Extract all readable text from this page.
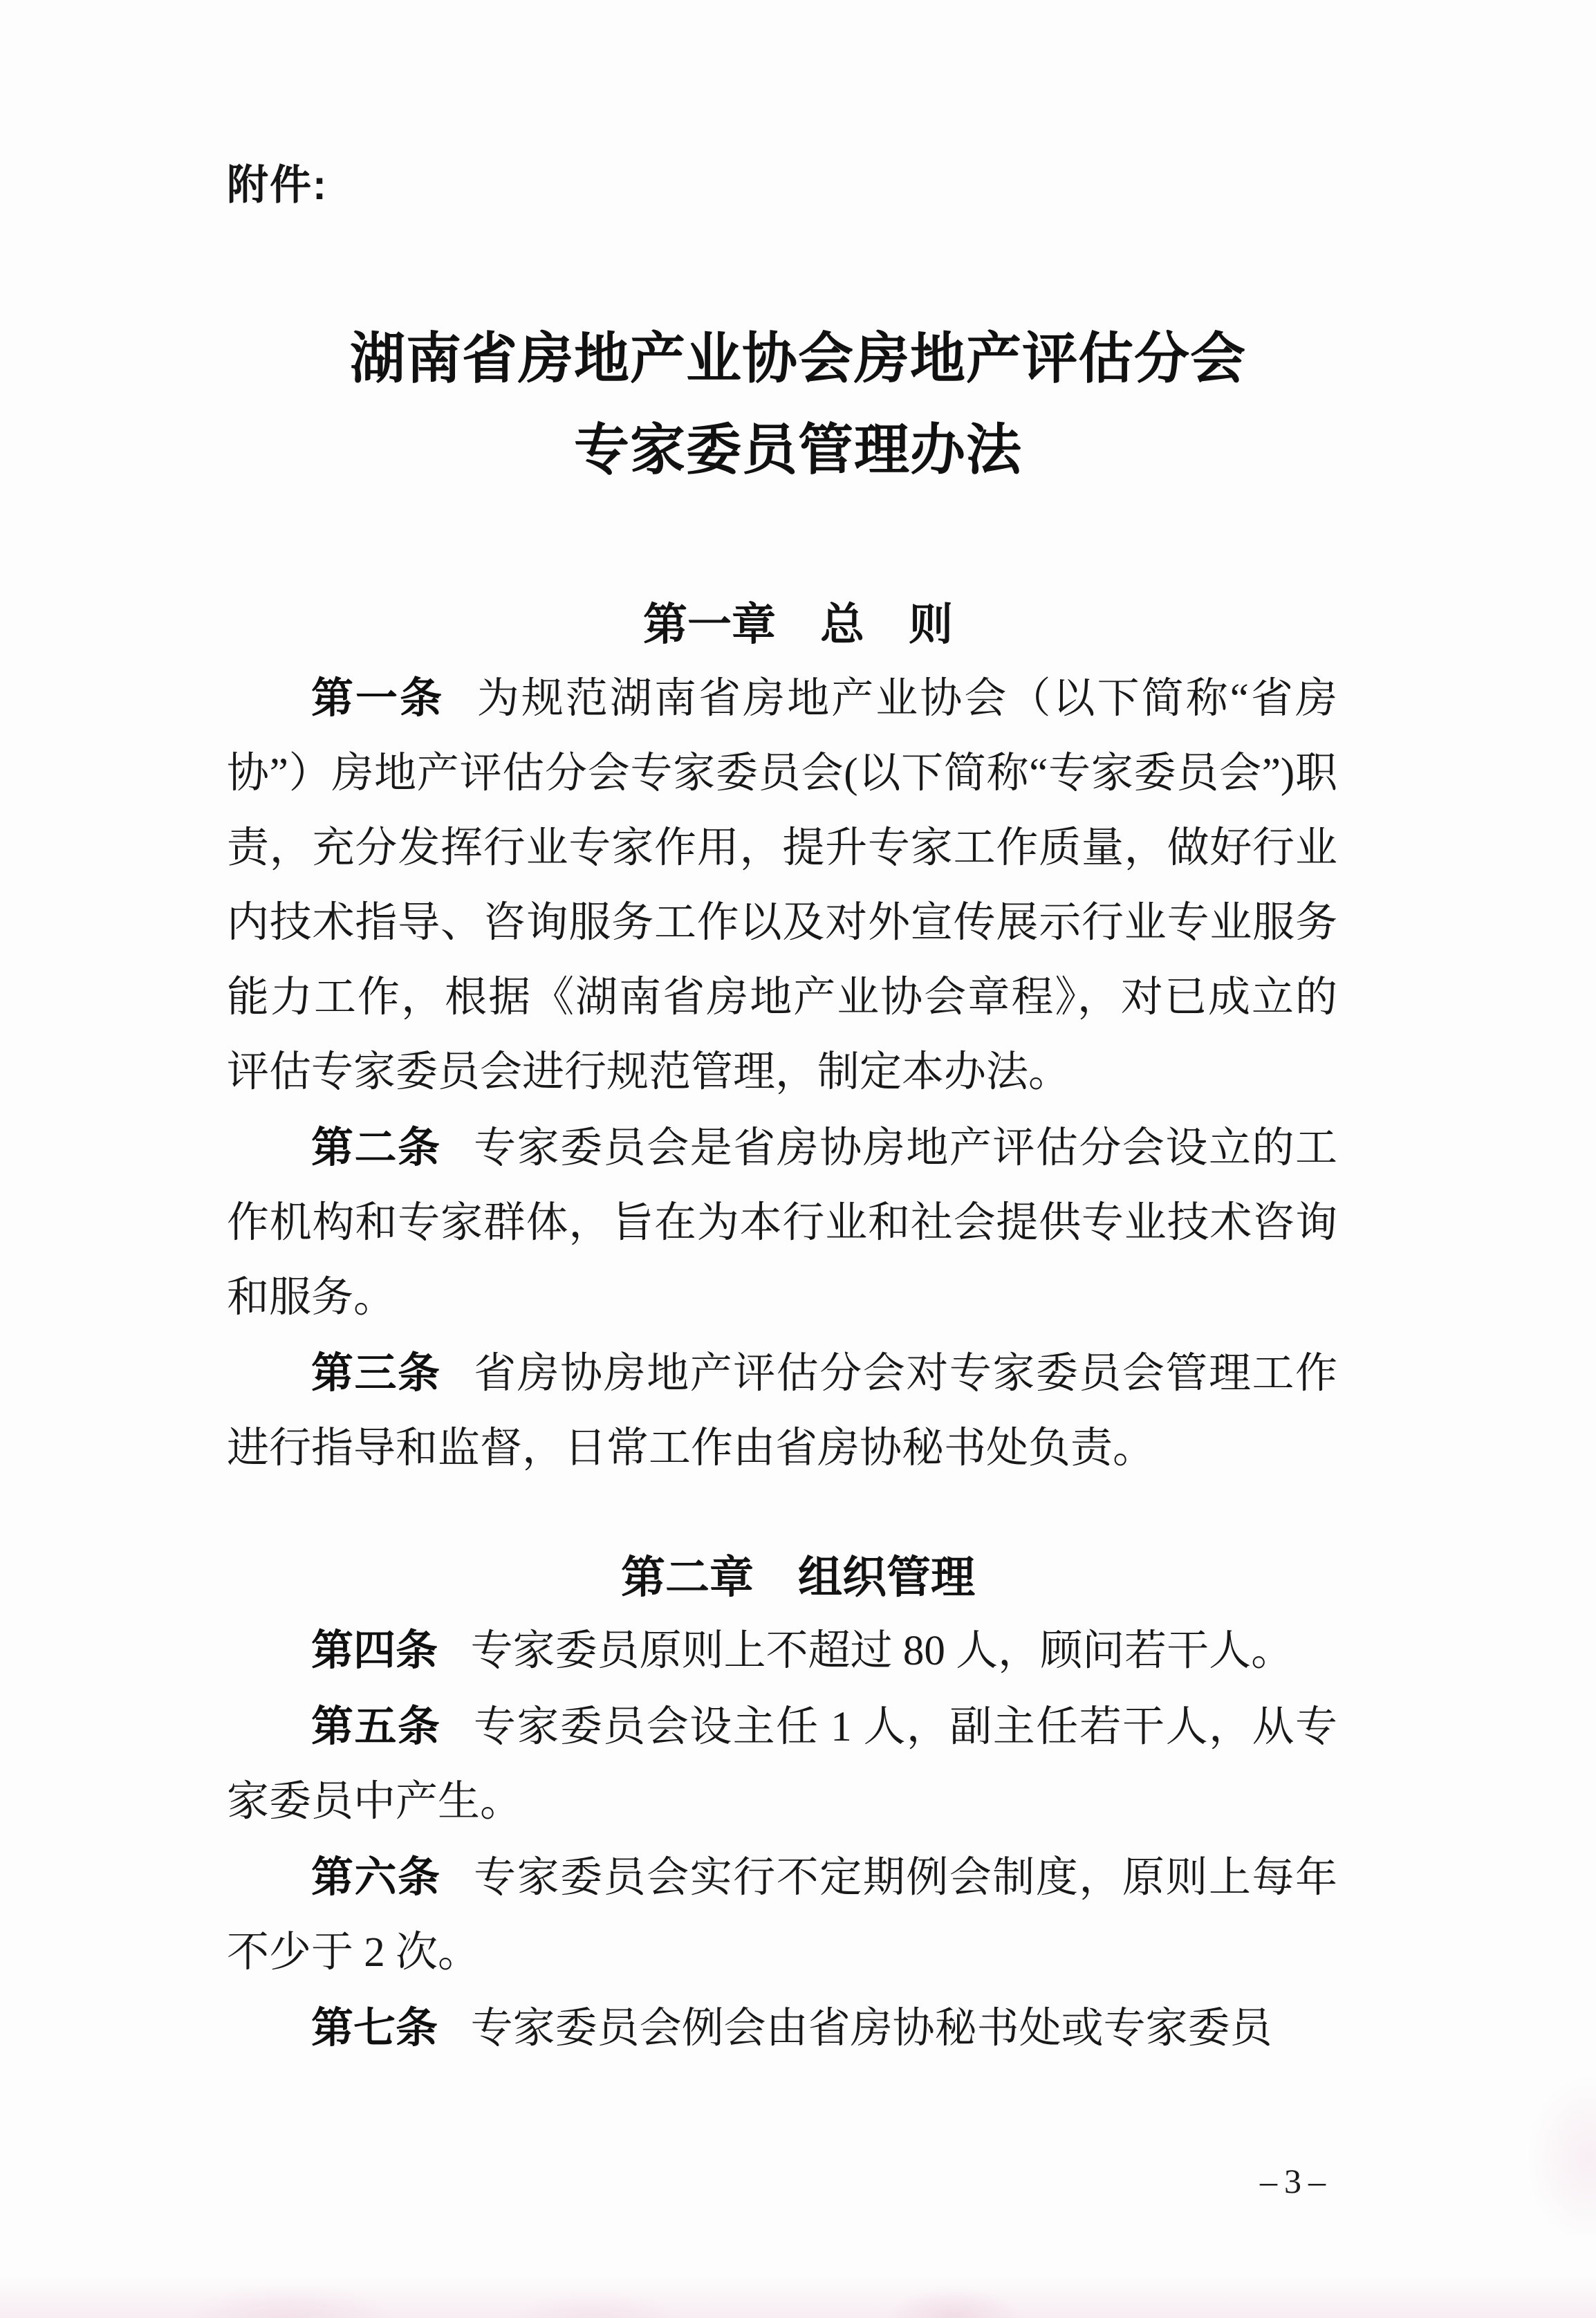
附件:
湖南省房地产业协会房地产评估分会
专家委员管理办法
第一章　总　则

第一条 为规范湖南省房地产业协会（以下简称“省房协”）房地产评估分会专家委员会(以下简称“专家委员会”)职责，充分发挥行业专家作用，提升专家工作质量，做好行业内技术指导、咨询服务工作以及对外宣传展示行业专业服务能力工作，根据《湖南省房地产业协会章程》，对已成立的评估专家委员会进行规范管理，制定本办法。

第二条 专家委员会是省房协房地产评估分会设立的工作机构和专家群体，旨在为本行业和社会提供专业技术咨询和服务。

第三条 省房协房地产评估分会对专家委员会管理工作进行指导和监督，日常工作由省房协秘书处负责。

第二章　组织管理

第四条 专家委员原则上不超过 80 人，顾问若干人。

第五条 专家委员会设主任 1 人，副主任若干人，从专家委员中产生。

第六条 专家委员会实行不定期例会制度，原则上每年不少于 2 次。

第七条 专家委员会例会由省房协秘书处或专家委员

–3–
